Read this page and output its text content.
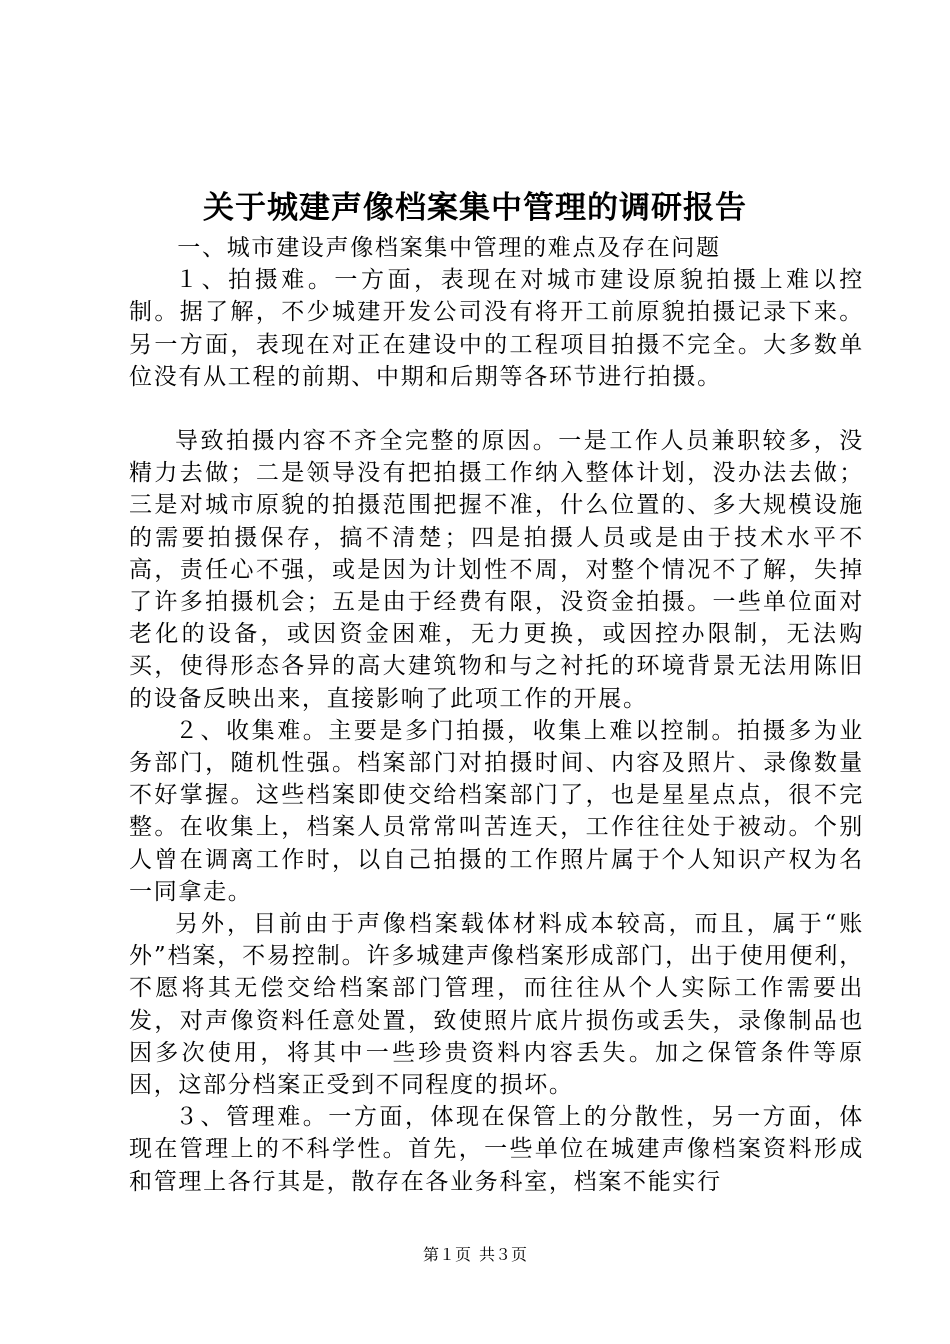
关于城建声像档案集中管理的调研报告

一、城市建设声像档案集中管理的难点及存在问题

１、拍摄难。一方面，表现在对城市建设原貌拍摄上难以控制。据了解，不少城建开发公司没有将开工前原貌拍摄记录下来。另一方面，表现在对正在建设中的工程项目拍摄不完全。大多数单位没有从工程的前期、中期和后期等各环节进行拍摄。

导致拍摄内容不齐全完整的原因。一是工作人员兼职较多，没精力去做；二是领导没有把拍摄工作纳入整体计划，没办法去做；三是对城市原貌的拍摄范围把握不准，什么位置的、多大规模设施的需要拍摄保存，搞不清楚；四是拍摄人员或是由于技术水平不高，责任心不强，或是因为计划性不周，对整个情况不了解，失掉了许多拍摄机会；五是由于经费有限，没资金拍摄。一些单位面对老化的设备，或因资金困难，无力更换，或因控办限制，无法购买，使得形态各异的高大建筑物和与之衬托的环境背景无法用陈旧的设备反映出来，直接影响了此项工作的开展。

２、收集难。主要是多门拍摄，收集上难以控制。拍摄多为业务部门，随机性强。档案部门对拍摄时间、内容及照片、录像数量不好掌握。这些档案即使交给档案部门了，也是星星点点，很不完整。在收集上，档案人员常常叫苦连天，工作往往处于被动。个别人曾在调离工作时，以自己拍摄的工作照片属于个人知识产权为名一同拿走。

另外，目前由于声像档案载体材料成本较高，而且，属于“账外”档案，不易控制。许多城建声像档案形成部门，出于使用便利，不愿将其无偿交给档案部门管理，而往往从个人实际工作需要出发，对声像资料任意处置，致使照片底片损伤或丢失，录像制品也因多次使用，将其中一些珍贵资料内容丢失。加之保管条件等原因，这部分档案正受到不同程度的损坏。

３、管理难。一方面，体现在保管上的分散性，另一方面，体现在管理上的不科学性。首先，一些单位在城建声像档案资料形成和管理上各行其是，散存在各业务科室，档案不能实行

第１页 共３页
